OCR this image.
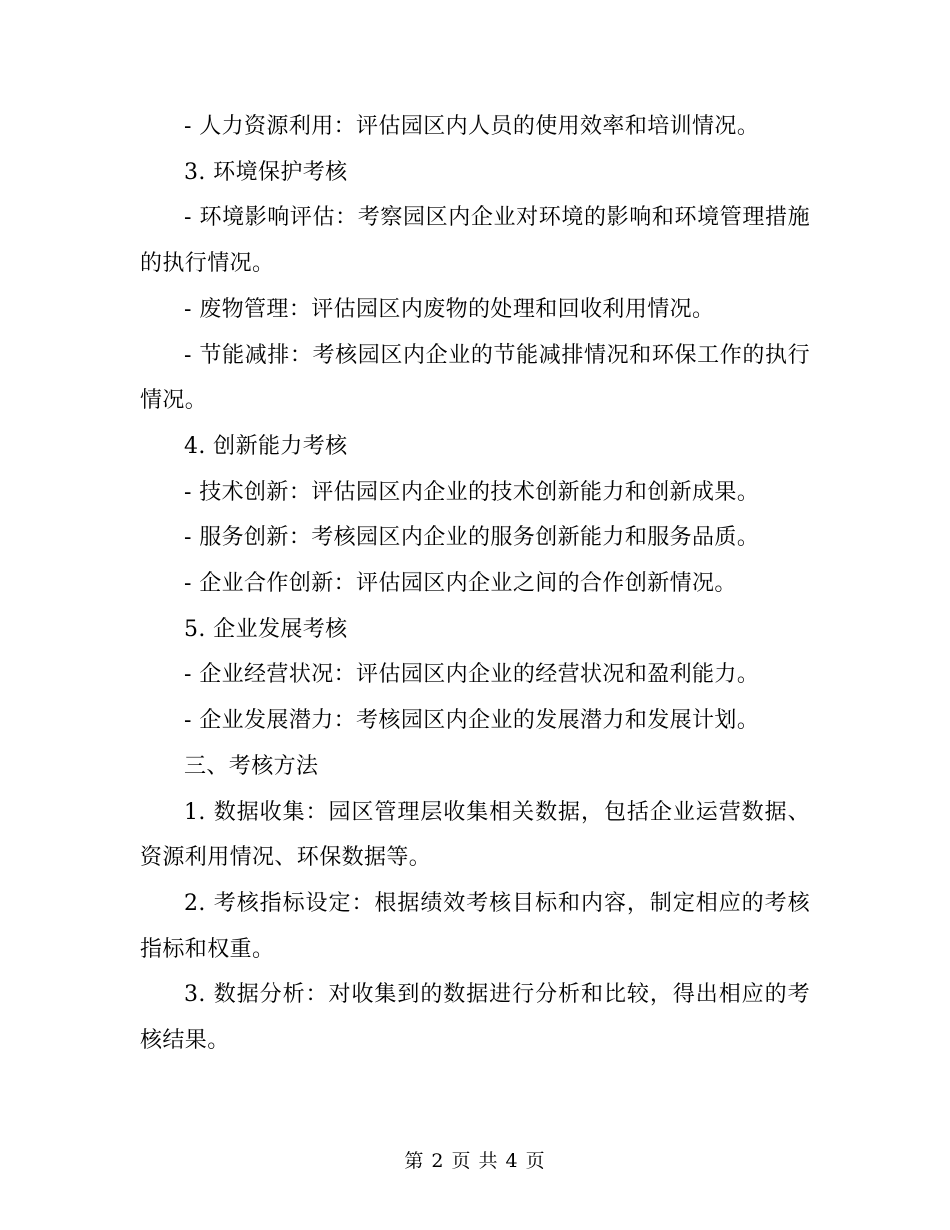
- 人力资源利用：评估园区内人员的使用效率和培训情况。

3. 环境保护考核

- 环境影响评估：考察园区内企业对环境的影响和环境管理措施的执行情况。

- 废物管理：评估园区内废物的处理和回收利用情况。

- 节能减排：考核园区内企业的节能减排情况和环保工作的执行情况。

4. 创新能力考核

- 技术创新：评估园区内企业的技术创新能力和创新成果。

- 服务创新：考核园区内企业的服务创新能力和服务品质。

- 企业合作创新：评估园区内企业之间的合作创新情况。

5. 企业发展考核

- 企业经营状况：评估园区内企业的经营状况和盈利能力。

- 企业发展潜力：考核园区内企业的发展潜力和发展计划。

三、考核方法

1. 数据收集：园区管理层收集相关数据，包括企业运营数据、资源利用情况、环保数据等。

2. 考核指标设定：根据绩效考核目标和内容，制定相应的考核指标和权重。

3. 数据分析：对收集到的数据进行分析和比较，得出相应的考核结果。

第 2 页 共 4 页
